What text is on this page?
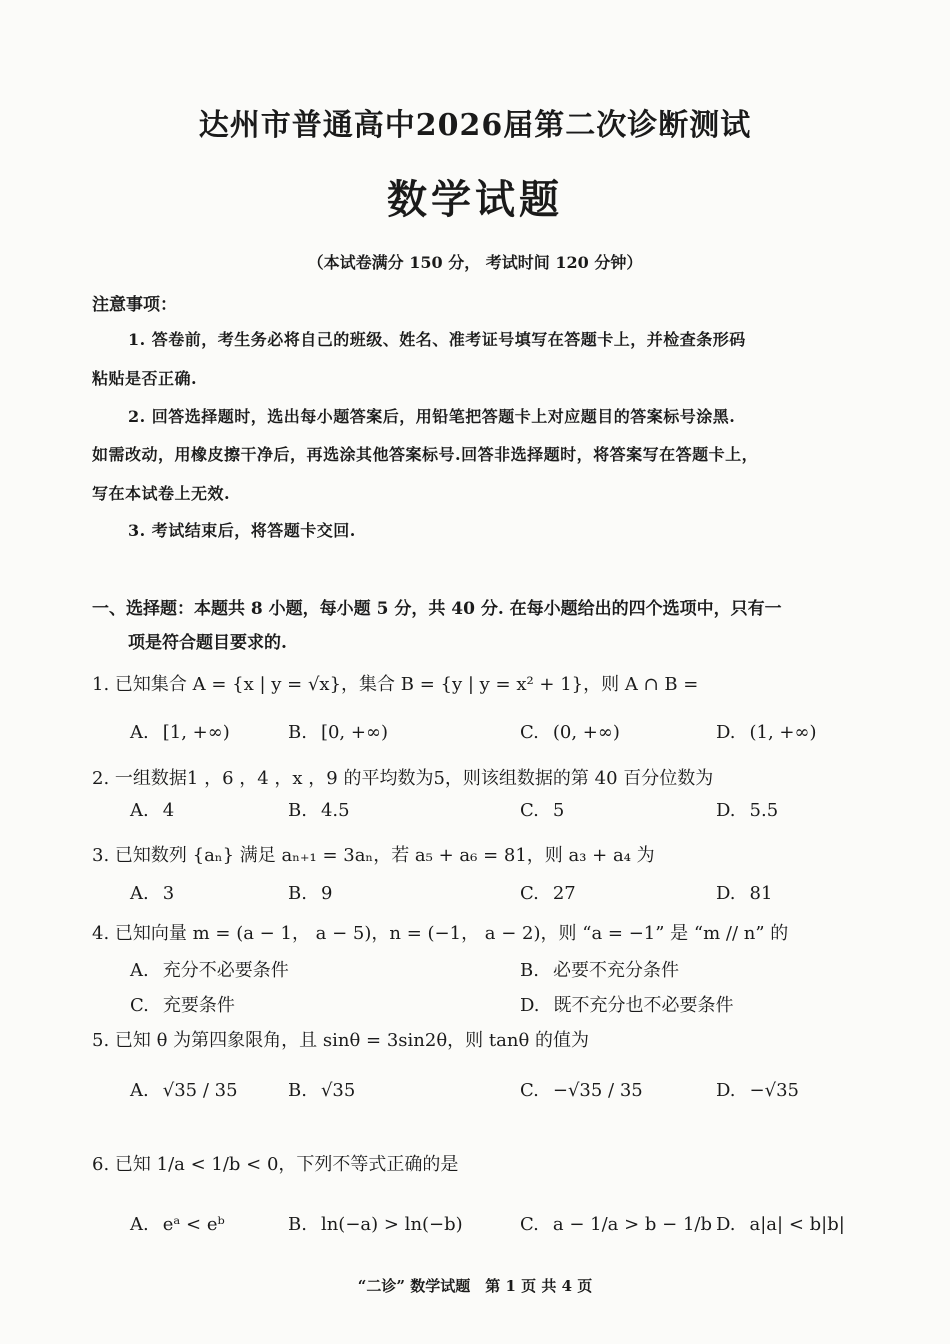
达州市普通高中2026届第二次诊断测试
数学试题
（本试卷满分 150 分， 考试时间 120 分钟）
注意事项：
1. 答卷前，考生务必将自己的班级、姓名、准考证号填写在答题卡上，并检查条形码
粘贴是否正确.
2. 回答选择题时，选出每小题答案后，用铅笔把答题卡上对应题目的答案标号涂黑.
如需改动，用橡皮擦干净后，再选涂其他答案标号.回答非选择题时，将答案写在答题卡上，
写在本试卷上无效.
3. 考试结束后，将答题卡交回.
一、选择题：本题共 8 小题，每小题 5 分，共 40 分. 在每小题给出的四个选项中，只有一
项是符合题目要求的.
1. 已知集合 A = {x | y = √x}，集合 B = {y | y = x² + 1}，则 A ∩ B =
A. [1, +∞)	B. [0, +∞)	C. (0, +∞)	D. (1, +∞)
2. 一组数据1 ，6 ，4 ，x ，9 的平均数为5，则该组数据的第 40 百分位数为
A. 4	B. 4.5	C. 5	D. 5.5
3. 已知数列 {aₙ} 满足 aₙ₊₁ = 3aₙ，若 a₅ + a₆ = 81，则 a₃ + a₄ 为
A. 3	B. 9	C. 27	D. 81
4. 已知向量 m = (a − 1， a − 5)，n = (−1， a − 2)，则 “a = −1” 是 “m // n” 的
A. 充分不必要条件	B. 必要不充分条件
C. 充要条件	D. 既不充分也不必要条件
5. 已知 θ 为第四象限角，且 sinθ = 3sin2θ，则 tanθ 的值为
A. √35 / 35	B. √35	C. −√35 / 35	D. −√35
6. 已知 1/a < 1/b < 0，下列不等式正确的是
A. eᵃ < eᵇ	B. ln(−a) > ln(−b)	C. a − 1/a > b − 1/b D. a|a| < b|b|
“二诊” 数学试题　第 1 页 共 4 页
